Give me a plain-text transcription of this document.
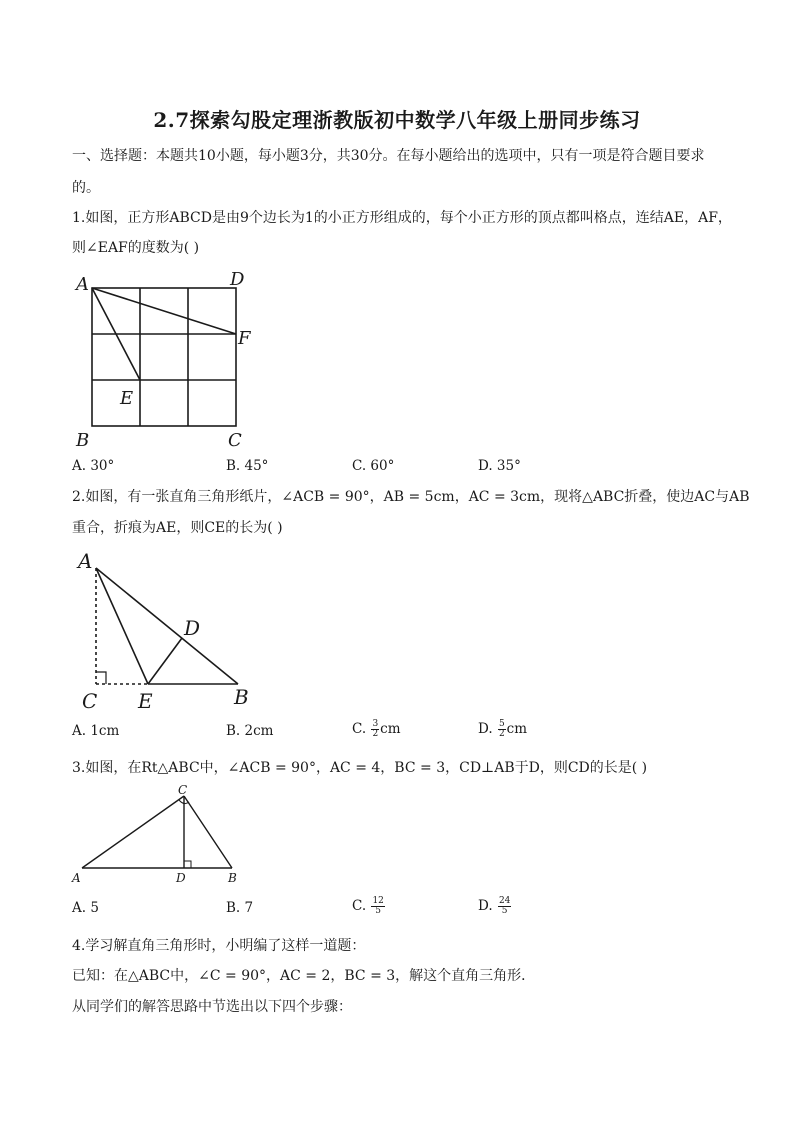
2.7探索勾股定理浙教版初中数学八年级上册同步练习
一、选择题：本题共10小题，每小题3分，共30分。在每小题给出的选项中，只有一项是符合题目要求
的。
1.如图，正方形ABCD是由9个边长为1的小正方形组成的，每个小正方形的顶点都叫格点，连结AE，AF，
则∠EAF的度数为( )
A	D
F
E
B	C
A. 30°	B. 45°	C. 60°	D. 35°
2.如图，有一张直角三角形纸片，∠ACB = 90°，AB = 5cm，AC = 3cm，现将△ABC折叠，使边AC与AB
重合，折痕为AE，则CE的长为( )
A
D
C E	B
A. 1cm	B. 2cm	C. $\frac{3}{2}$ cm	D. $\frac{5}{2}$ cm
3.如图，在Rt△ABC中，∠ACB = 90°，AC = 4，BC = 3，CD⊥AB于D，则CD的长是( )
C
A	D	B
A. 5	B. 7	C. $\frac{12}{5}$	D. $\frac{24}{5}$
4.学习解直角三角形时，小明编了这样一道题：
已知：在△ABC中，∠C = 90°，AC = 2，BC = 3，解这个直角三角形．
从同学们的解答思路中节选出以下四个步骤：
